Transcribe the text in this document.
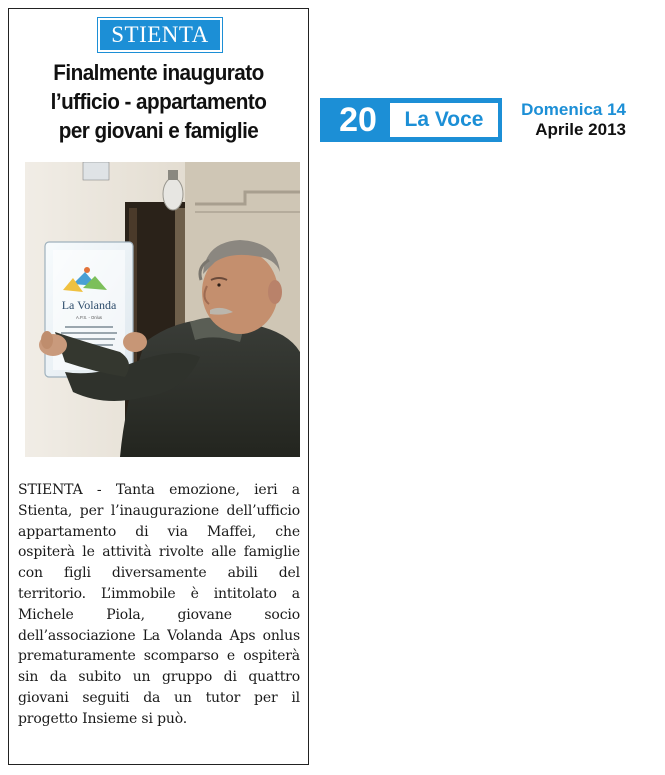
STIENTA
Finalmente inaugurato
l’ufficio - appartamento
per giovani e famiglie
La Volanda
A.P.S. - Onlus
STIENTA - Tanta emozione, ieri a Stienta, per l’inaugurazione dell’ufficio appartamento di via Maffei, che ospiterà le attività rivolte alle famiglie con figli diversamente abili del territorio. L’immobile è intitolato a Michele Piola, giovane socio dell’associazione La Volanda Aps onlus prematuramente scomparso e ospiterà sin da subito un gruppo di quattro giovani seguiti da un tutor per il progetto Insieme si può.
20	La Voce	Domenica 14
Aprile 2013
